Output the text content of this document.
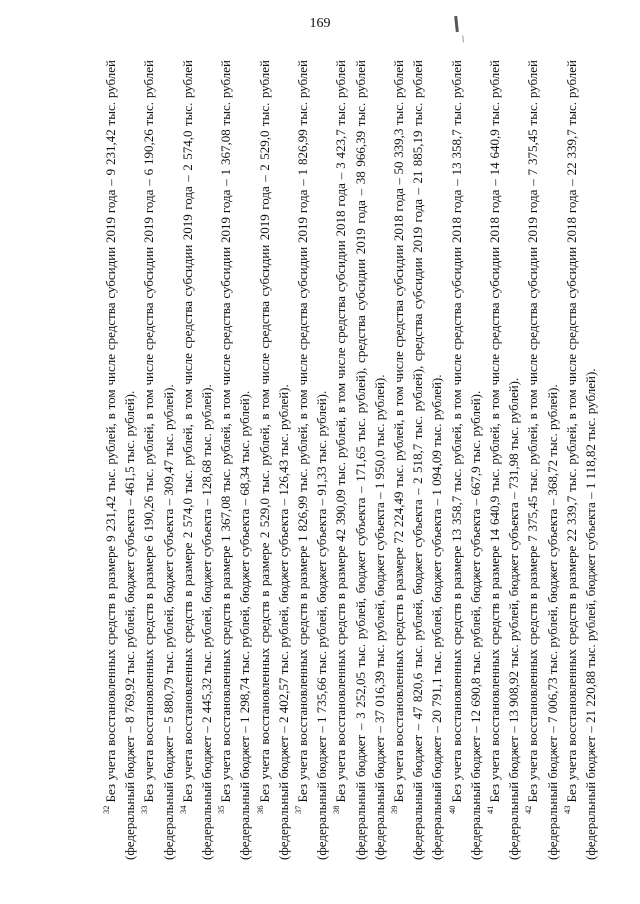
169

$^{32}$Без учета восстановленных средств в размере 9 231,42 тыс. рублей, в том числе средства субсидии 2019 года – 9 231,42 тыс. рублей (федеральный бюджет – 8 769,92 тыс. рублей, бюджет субъекта – 461,5 тыс. рублей). $^{33}$Без учета восстановленных средств в размере 6 190,26 тыс. рублей, в том числе средства субсидии 2019 года – 6 190,26 тыс. рублей (федеральный бюджет – 5 880,79 тыс. рублей, бюджет субъекта – 309,47 тыс. рублей). $^{34}$Без учета восстановленных средств в размере 2 574,0 тыс. рублей, в том числе средства субсидии 2019 года – 2 574,0 тыс. рублей (федеральный бюджет – 2 445,32 тыс. рублей, бюджет субъекта – 128,68 тыс. рублей). $^{35}$Без учета восстановленных средств в размере 1 367,08 тыс. рублей, в том числе средства субсидии 2019 года – 1 367,08 тыс. рублей (федеральный бюджет – 1 298,74 тыс. рублей, бюджет субъекта – 68,34 тыс. рублей). $^{36}$Без учета восстановленных средств в размере 2 529,0 тыс. рублей, в том числе средства субсидии 2019 года – 2 529,0 тыс. рублей (федеральный бюджет – 2 402,57 тыс. рублей, бюджет субъекта – 126,43 тыс. рублей). $^{37}$Без учета восстановленных средств в размере 1 826,99 тыс. рублей, в том числе средства субсидии 2019 года – 1 826,99 тыс. рублей (федеральный бюджет – 1 735,66 тыс. рублей, бюджет субъекта – 91,33 тыс. рублей). $^{38}$Без учета восстановленных средств в размере 42 390,09 тыс. рублей, в том числе средства субсидии 2018 года – 3 423,7 тыс. рублей (федеральный бюджет – 3 252,05 тыс. рублей, бюджет субъекта – 171,65 тыс. рублей), средства субсидии 2019 года – 38 966,39 тыс. рублей (федеральный бюджет – 37 016,39 тыс. рублей, бюджет субъекта – 1 950,0 тыс. рублей). $^{39}$Без учета восстановленных средств в размере 72 224,49 тыс. рублей, в том числе средства субсидии 2018 года – 50 339,3 тыс. рублей (федеральный бюджет – 47 820,6 тыс. рублей, бюджет субъекта – 2 518,7 тыс. рублей), средства субсидии 2019 года – 21 885,19 тыс. рублей (федеральный бюджет – 20 791,1 тыс. рублей, бюджет субъекта – 1 094,09 тыс. рублей). $^{40}$Без учета восстановленных средств в размере 13 358,7 тыс. рублей, в том числе средства субсидии 2018 года – 13 358,7 тыс. рублей (федеральный бюджет – 12 690,8 тыс. рублей, бюджет субъекта – 667,9 тыс. рублей). $^{41}$Без учета восстановленных средств в размере 14 640,9 тыс. рублей, в том числе средства субсидии 2018 года – 14 640,9 тыс. рублей (федеральный бюджет – 13 908,92 тыс. рублей, бюджет субъекта – 731,98 тыс. рублей). $^{42}$Без учета восстановленных средств в размере 7 375,45 тыс. рублей, в том числе средства субсидии 2019 года – 7 375,45 тыс. рублей (федеральный бюджет – 7 006,73 тыс. рублей, бюджет субъекта – 368,72 тыс. рублей). $^{43}$Без учета восстановленных средств в размере 22 339,7 тыс. рублей, в том числе средства субсидии 2018 года – 22 339,7 тыс. рублей (федеральный бюджет – 21 220,88 тыс. рублей, бюджет субъекта – 1 118,82 тыс. рублей).
